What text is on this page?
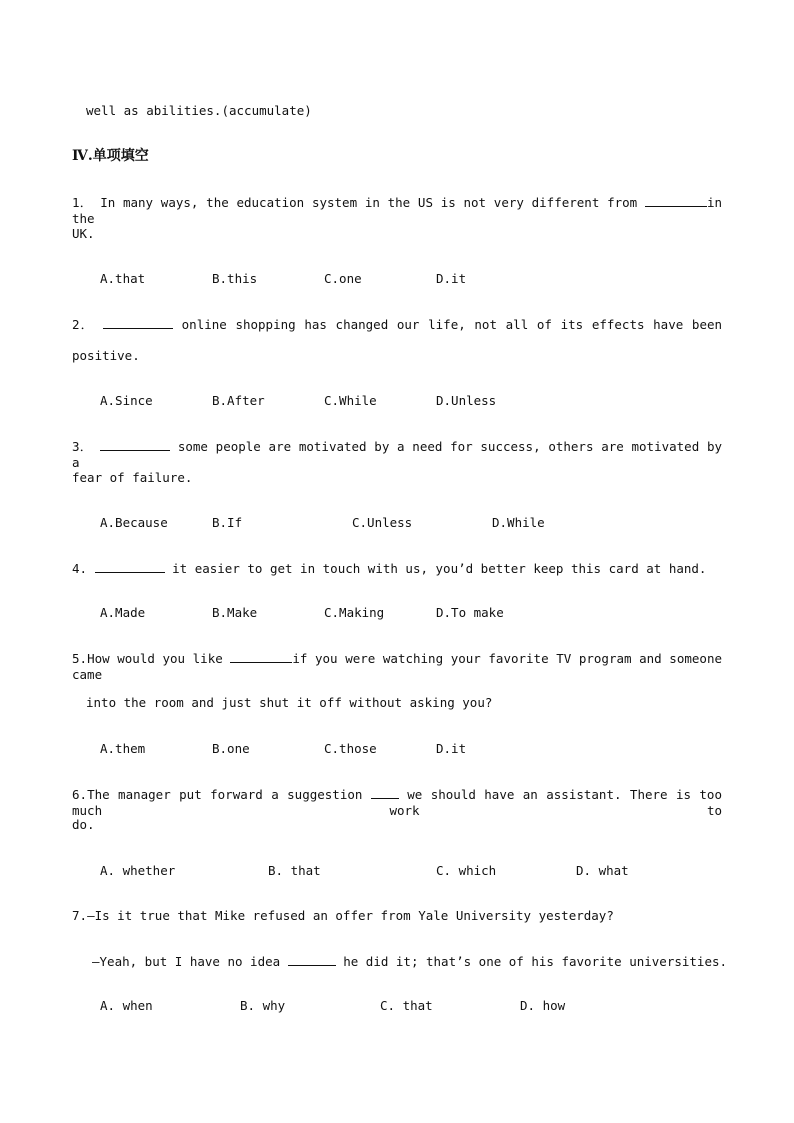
well as abilities.(accumulate)
Ⅳ.单项填空
1． In many ways, the education system in the US is not very different from	in the
UK.
A.that	B.this	C.one	D.it
2．	online shopping has changed our life, not all of its effects have been
positive.
A.Since	B.After	C.While	D.Unless
3．	some people are motivated by a need for success, others are motivated by a
fear of failure.
A.Because	B.If	C.Unless	D.While
4.	it easier to get in touch with us, you’d better keep this card at hand.
A.Made	B.Make	C.Making	D.To make
5.How would you like	if you were watching your favorite TV program and someone came
into the room and just shut it off without asking you?
A.them	B.one	C.those	D.it
6.The manager put forward a suggestion	we should have an assistant. There is too much work to
do.
A. whether	B. that	C. which	D. what
7.—Is it true that Mike refused an offer from Yale University yesterday?
—Yeah, but I have no idea	he did it; that’s one of his favorite universities.
A. when	B. why	C. that	D. how
